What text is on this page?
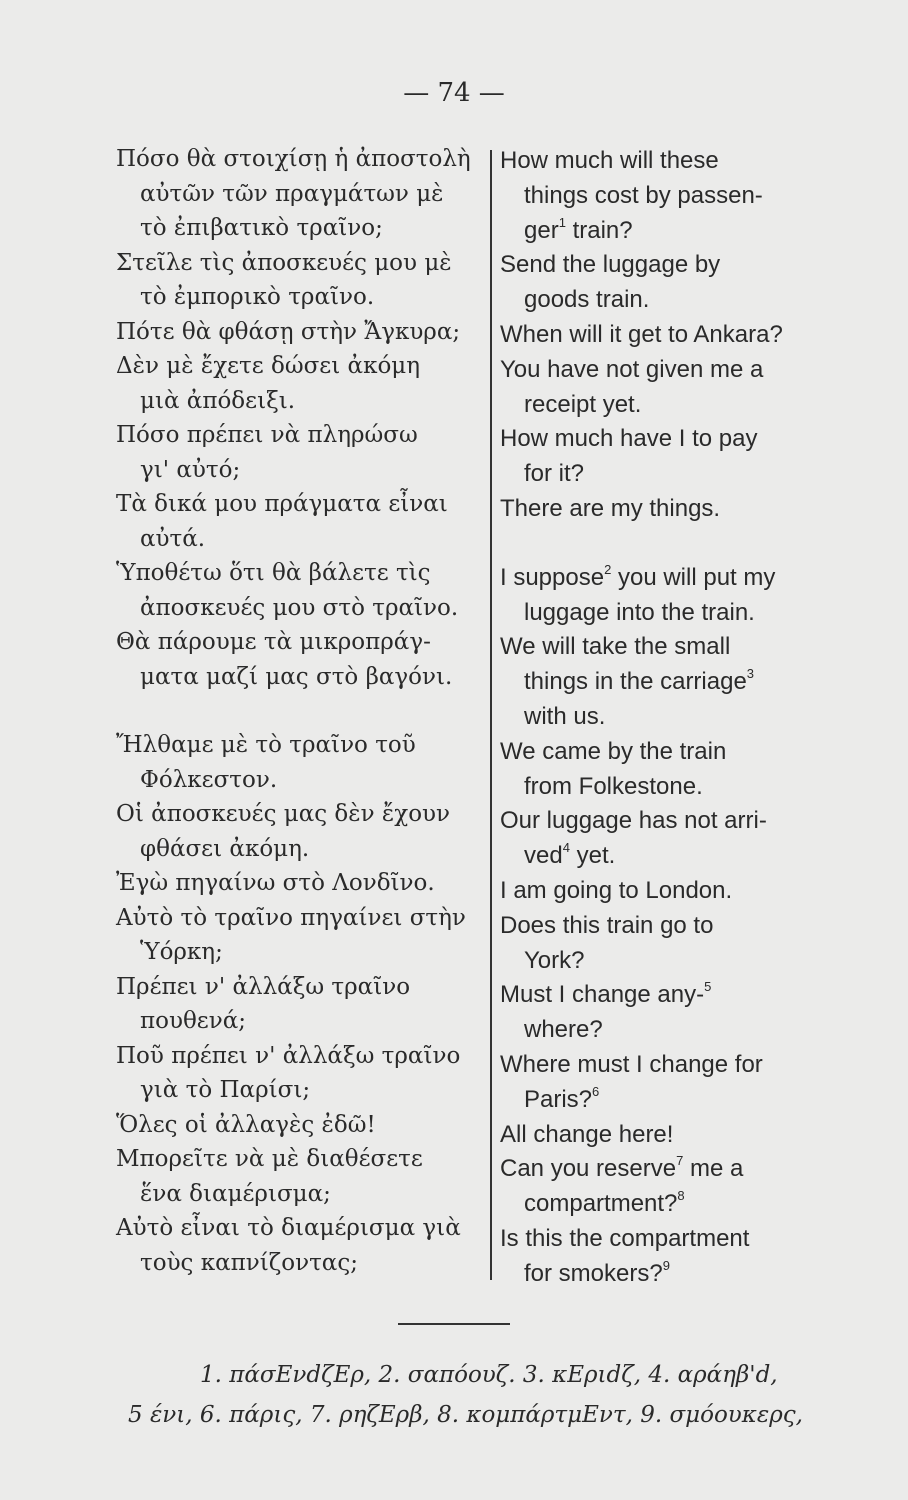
— 74 —

Πόσο θὰ στοιχίσῃ ἡ ἀποστολὴ
αὐτῶν τῶν πραγμάτων μὲ
τὸ ἐπιβατικὸ τραῖνο;

Στεῖλε τὶς ἀποσκευές μου μὲ
τὸ ἐμπορικὸ τραῖνο.

Πότε θὰ φθάσῃ στὴν Ἄγκυρα;

Δὲν μὲ ἔχετε δώσει ἀκόμη
μιὰ ἀπόδειξι.

Πόσο πρέπει νὰ πληρώσω
γι' αὐτό;

Τὰ δικά μου πράγματα εἶναι
αὐτά.

Ὑποθέτω ὅτι θὰ βάλετε τὶς
ἀποσκευές μου στὸ τραῖνο.

Θὰ πάρουμε τὰ μικροπράγ-
ματα μαζί μας στὸ βαγόνι.

Ἤλθαμε μὲ τὸ τραῖνο τοῦ
Φόλκεστον.

Οἱ ἀποσκευές μας δὲν ἔχουν
φθάσει ἀκόμη.

Ἐγὼ πηγαίνω στὸ Λονδῖνο.

Αὐτὸ τὸ τραῖνο πηγαίνει στὴν
Ὑόρκη;

Πρέπει ν' ἀλλάξω τραῖνο
πουθενά;

Ποῦ πρέπει ν' ἀλλάξω τραῖνο
γιὰ τὸ Παρίσι;

Ὅλες οἱ ἀλλαγὲς ἐδῶ!

Μπορεῖτε νὰ μὲ διαθέσετε
ἕνα διαμέρισμα;

Αὐτὸ εἶναι τὸ διαμέρισμα γιὰ
τοὺς καπνίζοντας;

How much will these
things cost by passen-
ger$^1$ train?

Send the luggage by
goods train.

When will it get to Ankara?

You have not given me a
receipt yet.

How much have I to pay
for it?

There are my things.

I suppose$^2$ you will put my
luggage into the train.

We will take the small
things in the carriage$^3$
with us.

We came by the train
from Folkestone.

Our luggage has not arri-
ved$^4$ yet.

I am going to London.

Does this train go to
York?

Must I change any-$^5$
where?

Where must I change for
Paris?$^6$

All change here!

Can you reserve$^7$ me a
compartment?$^8$

Is this the compartment
for smokers?$^9$

1. πάσΕνdζΕρ, 2. σαπόουζ. 3. κΕριdζ, 4. αράηβ'd,
5 ένι, 6. πάρις, 7. ρηζΕρβ, 8. κομπάρτμΕντ, 9. σμόουκερς,
